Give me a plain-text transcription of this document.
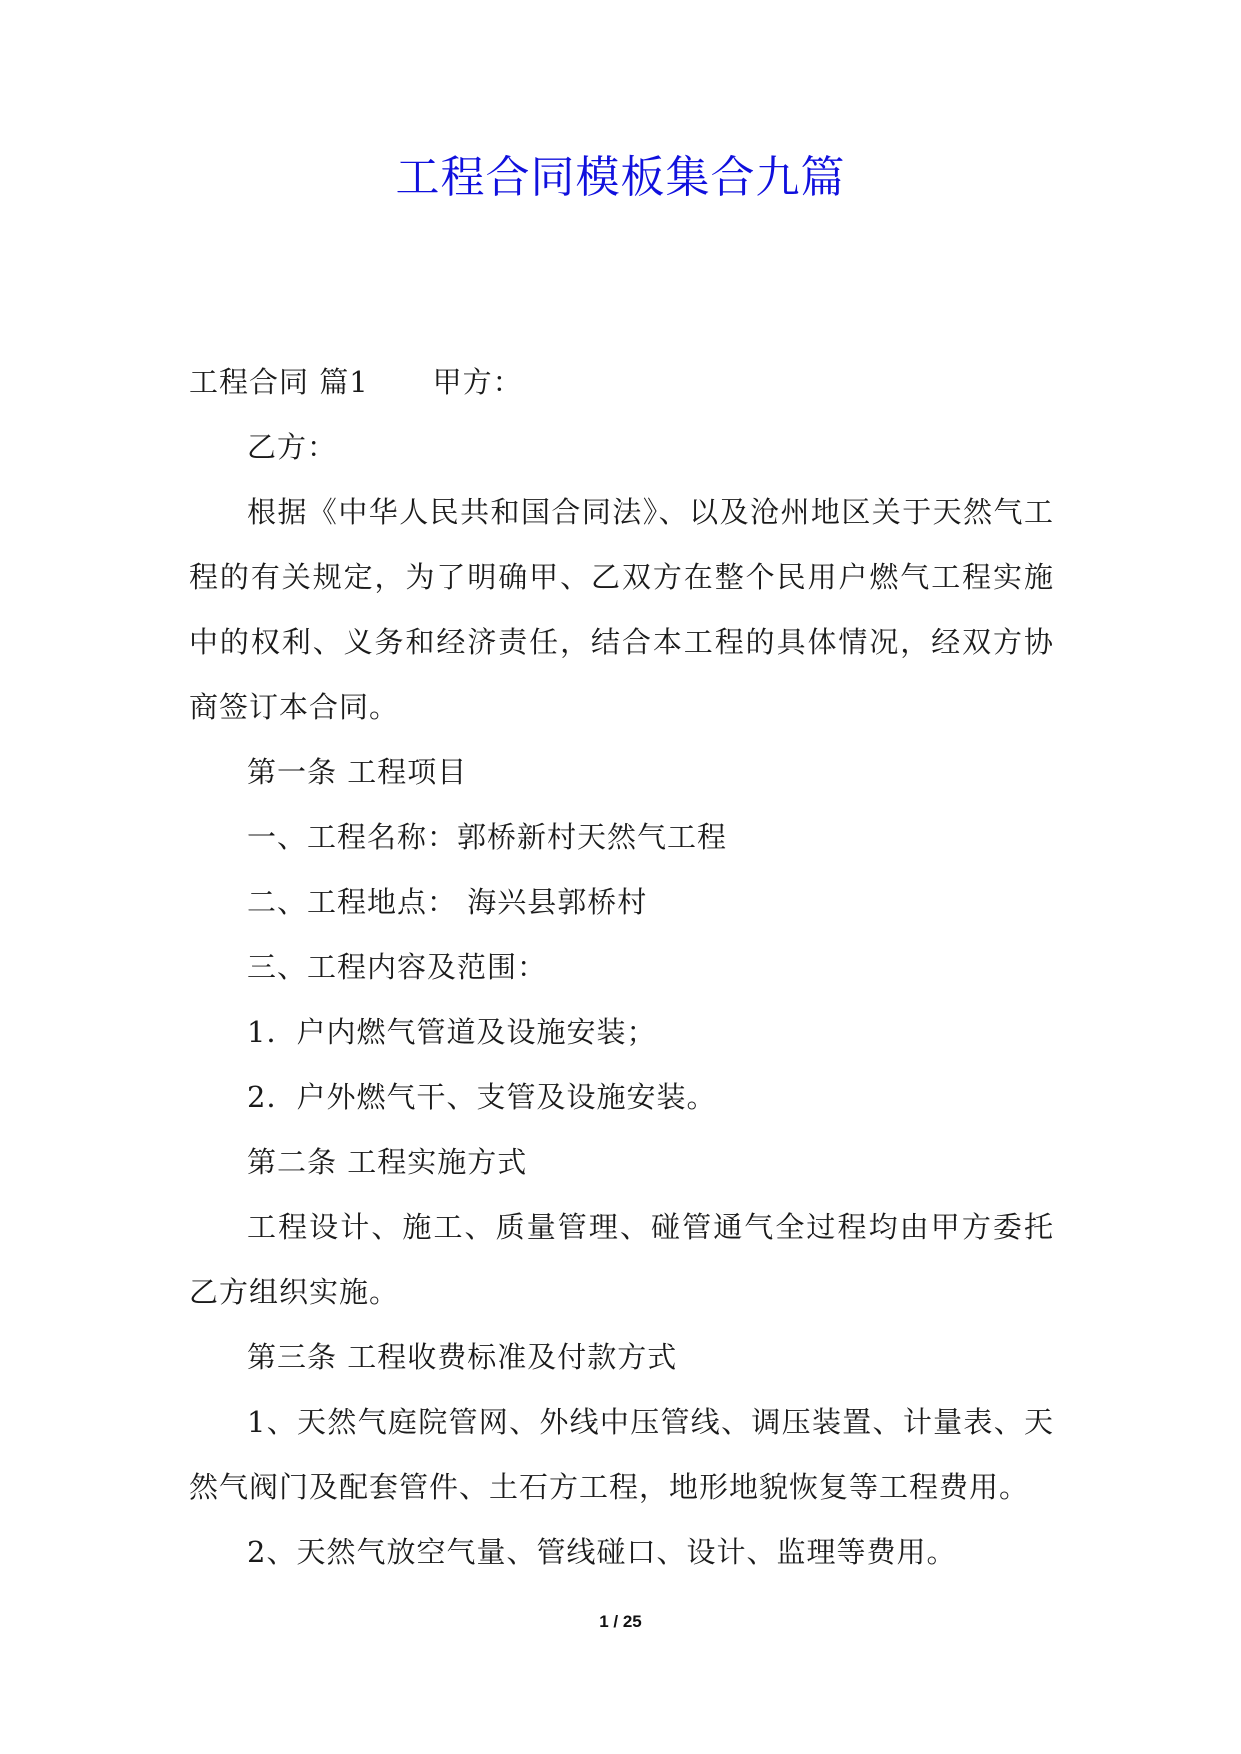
工程合同模板集合九篇

工程合同 篇1 甲方：

乙方：

根据《中华人民共和国合同法》、以及沧州地区关于天然气工程的有关规定，为了明确甲、乙双方在整个民用户燃气工程实施中的权利、义务和经济责任，结合本工程的具体情况，经双方协商签订本合同。

第一条 工程项目

一、工程名称：郭桥新村天然气工程

二、工程地点： 海兴县郭桥村

三、工程内容及范围：

1．户内燃气管道及设施安装；

2．户外燃气干、支管及设施安装。

第二条 工程实施方式

工程设计、施工、质量管理、碰管通气全过程均由甲方委托乙方组织实施。

第三条 工程收费标准及付款方式

1、天然气庭院管网、外线中压管线、调压装置、计量表、天然气阀门及配套管件、土石方工程，地形地貌恢复等工程费用。

2、天然气放空气量、管线碰口、设计、监理等费用。

1 / 25
